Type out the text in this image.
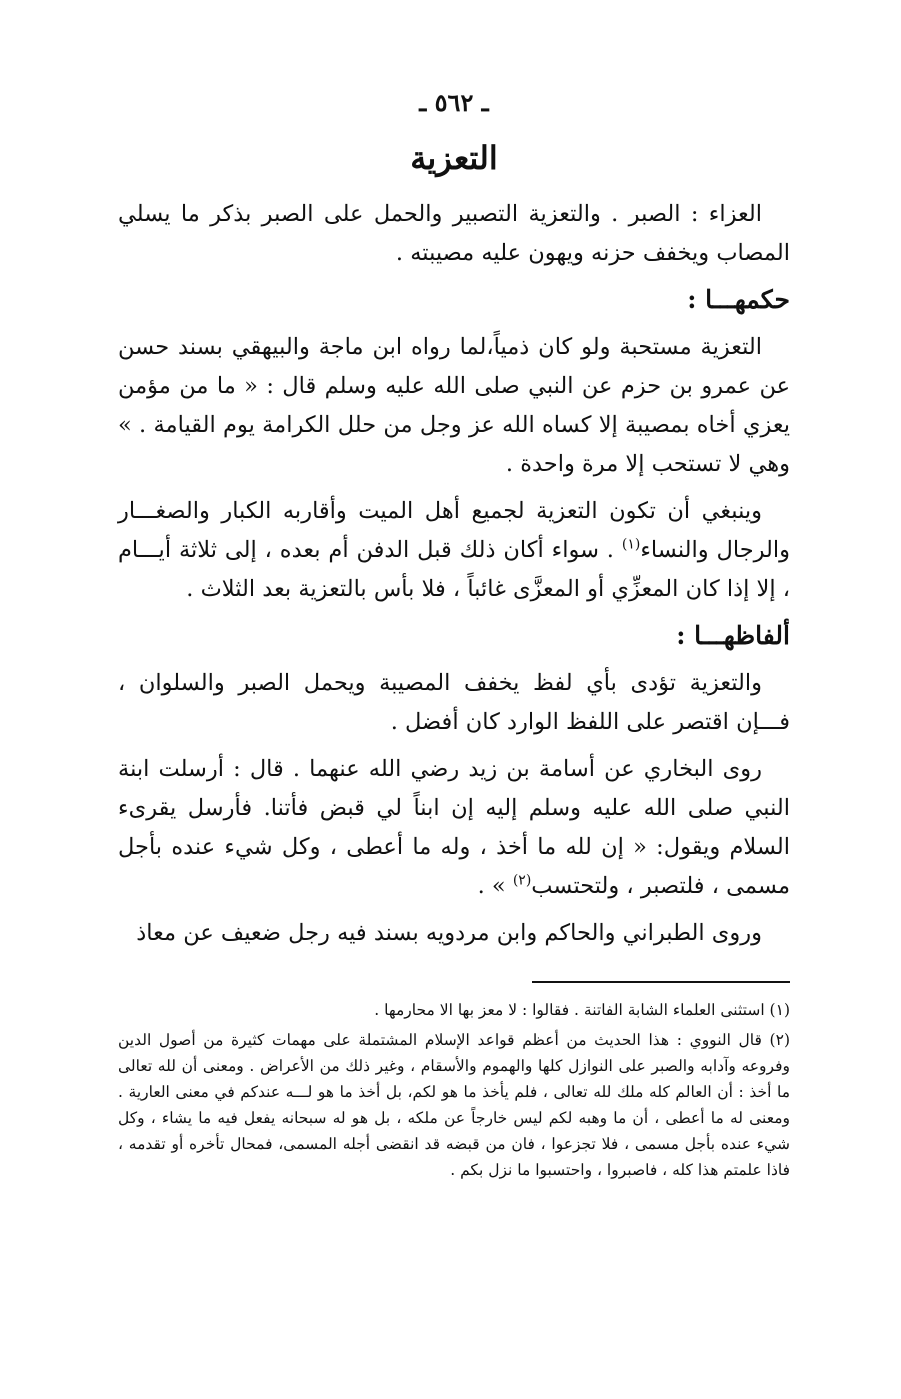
ـ ٥٦٢ ـ
التعزية

العزاء : الصبر . والتعزية التصبير والحمل على الصبر بذكر ما يسلي المصاب ويخفف حزنه ويهون عليه مصيبته .

حكمهـــا :

التعزية مستحبة ولو كان ذمياً،لما رواه ابن ماجة والبيهقي بسند حسن عن عمرو بن حزم عن النبي صلى الله عليه وسلم قال : « ما من مؤمن يعزي أخاه بمصيبة إلا كساه الله عز وجل من حلل الكرامة يوم القيامة . » وهي لا تستحب إلا مرة واحدة .

وينبغي أن تكون التعزية لجميع أهل الميت وأقاربه الكبار والصغـــار والرجال والنساء$^{(١)}$ . سواء أكان ذلك قبل الدفن أم بعده ، إلى ثلاثة أيـــام ، إلا إذا كان المعزِّي أو المعزَّى غائباً ، فلا بأس بالتعزية بعد الثلاث .

ألفاظهـــا :

والتعزية تؤدى بأي لفظ يخفف المصيبة ويحمل الصبر والسلوان ، فـــإن اقتصر على اللفظ الوارد كان أفضل .

روى البخاري عن أسامة بن زيد رضي الله عنهما . قال : أرسلت ابنة النبي صلى الله عليه وسلم إليه إن ابناً لي قبض فأتنا. فأرسل يقرىء السلام ويقول: « إن لله ما أخذ ، وله ما أعطى ، وكل شيء عنده بأجل مسمى ، فلتصبر ، ولتحتسب$^{(٢)}$ » .

وروى الطبراني والحاكم وابن مردويه بسند فيه رجل ضعيف عن معاذ

(١) استثنى العلماء الشابة الفاتنة . فقالوا : لا معز بها الا محارمها .

(٢) قال النووي : هذا الحديث من أعظم قواعد الإسلام المشتملة على مهمات كثيرة من أصول الدين وفروعه وآدابه والصبر على النوازل كلها والهموم والأسقام ، وغير ذلك من الأعراض . ومعنى أن لله تعالى ما أخذ : أن العالم كله ملك لله تعالى ، فلم يأخذ ما هو لكم، بل أخذ ما هو لـــه عندكم في معنى العارية . ومعنى له ما أعطى ، أن ما وهبه لكم ليس خارجاً عن ملكه ، بل هو له سبحانه يفعل فيه ما يشاء ، وكل شيء عنده بأجل مسمى ، فلا تجزعوا ، فان من قبضه قد انقضى أجله المسمى، فمحال تأخره أو تقدمه ، فاذا علمتم هذا كله ، فاصبروا ، واحتسبوا ما نزل بكم .
